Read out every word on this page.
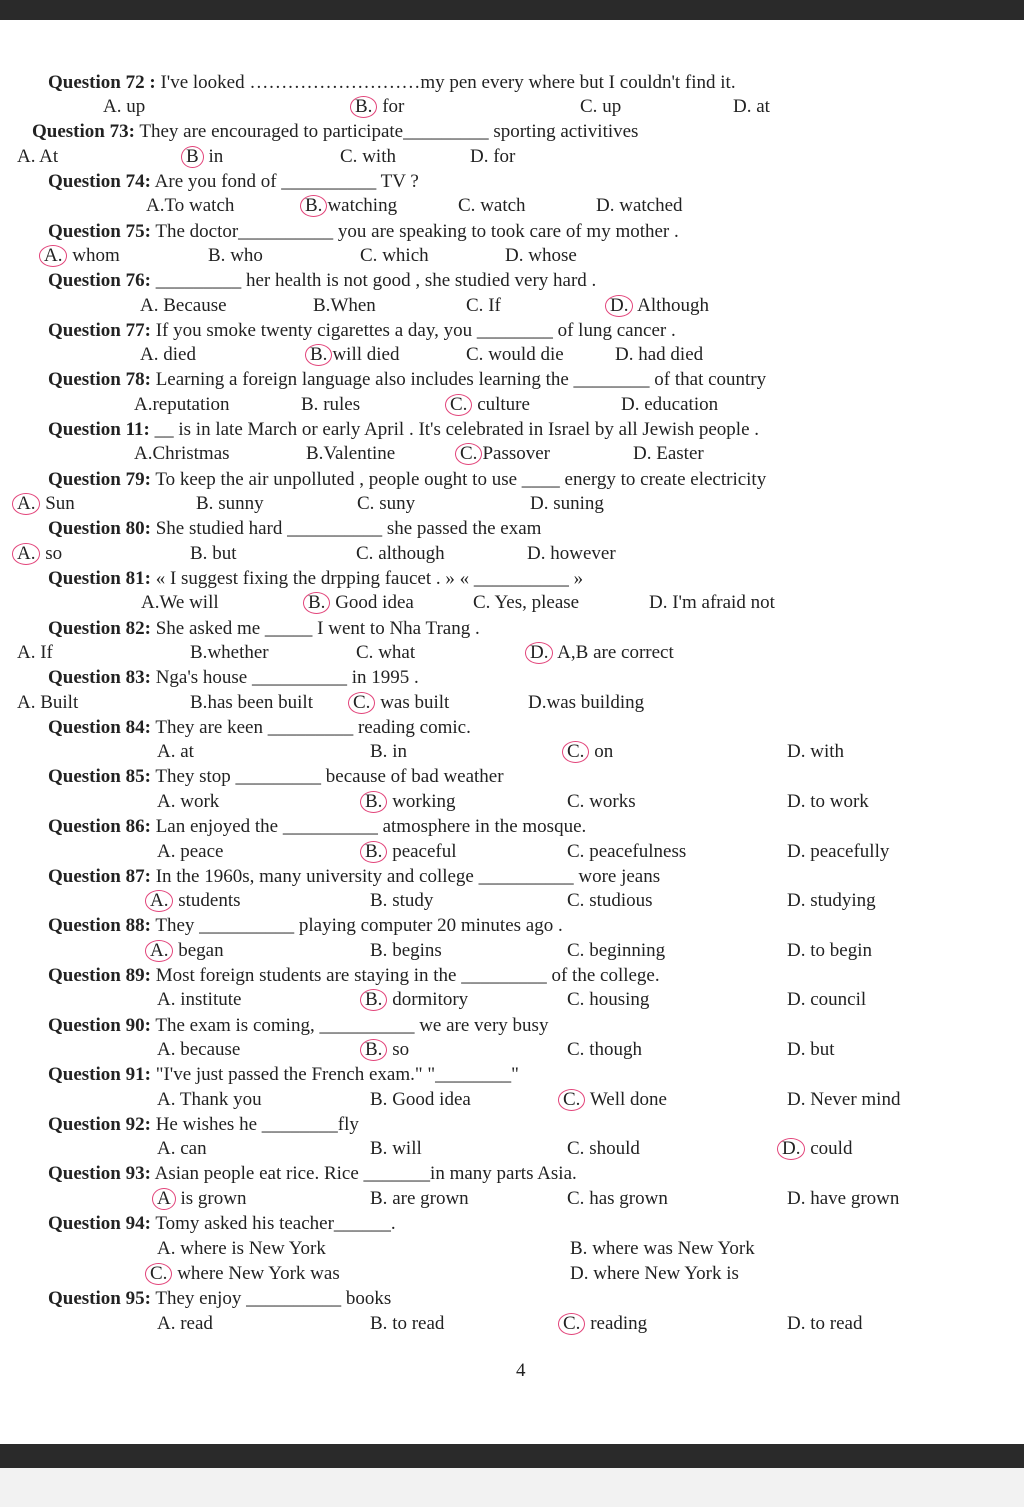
Question 72 : I've looked ………………………my pen every where but I couldn't find it.
A. up	B. for	C. up	D. at
Question 73: They are encouraged to participate_________ sporting activitives
A. At	B in	C. with	D. for
Question 74: Are you fond of __________ TV ?
A.To watch	B. watching	C. watch	D. watched
Question 75: The doctor__________ you are speaking to took care of my mother .
A. whom	B. who	C. which	D. whose
Question 76: _________ her health is not good , she studied very hard .
A. Because	B.When	C. If	D. Although
Question 77: If you smoke twenty cigarettes a day, you ________ of lung cancer .
A. died	B. will died	C. would die	D. had died
Question 78: Learning a foreign language also includes learning the ________ of that country
A.reputation	B. rules	C. culture	D. education
Question 11: __ is in late March or early April . It's celebrated in Israel by all Jewish people .
A.Christmas	B.Valentine	C. Passover	D. Easter
Question 79: To keep the air unpolluted , people ought to use ____ energy to create electricity
A. Sun	B. sunny	C. suny	D. suning
Question 80: She studied hard __________ she passed the exam
A. so	B. but	C. although	D. however
Question 81: « I suggest fixing the drpping faucet . » « __________ »
A.We will	B. Good idea	C. Yes, please	D. I'm afraid not
Question 82: She asked me _____ I went to Nha Trang .
A. If	B.whether	C. what	D. A,B are correct
Question 83: Nga's house __________ in 1995 .
A. Built	B.has been built C. was built	D.was building
Question 84: They are keen _________ reading comic.
A. at	B. in	C. on	D. with
Question 85: They stop _________ because of bad weather
A. work	B. working	C. works	D. to work
Question 86: Lan enjoyed the __________ atmosphere in the mosque.
A. peace	B. peaceful	C. peacefulness	D. peacefully
Question 87: In the 1960s, many university and college __________ wore jeans
A. students	B. study	C. studious	D. studying
Question 88: They __________ playing computer 20 minutes ago .
A. began	B. begins	C. beginning	D. to begin
Question 89: Most foreign students are staying in the _________ of the college.
A. institute	B. dormitory	C. housing	D. council
Question 90: The exam is coming, __________ we are very busy
A. because	B. so	C. though	D. but
Question 91: "I've just passed the French exam." "________"
A. Thank you	B. Good idea	C. Well done	D. Never mind
Question 92: He wishes he ________fly
A. can	B. will	C. should	D. could
Question 93: Asian people eat rice. Rice _______in many parts Asia.
A is grown	B. are grown	C. has grown	D. have grown
Question 94: Tomy asked his teacher______.
A. where is New York	B. where was New York
C. where New York was	D. where New York is
Question 95: They enjoy __________ books
A. read	B. to read	C. reading	D. to read
4
